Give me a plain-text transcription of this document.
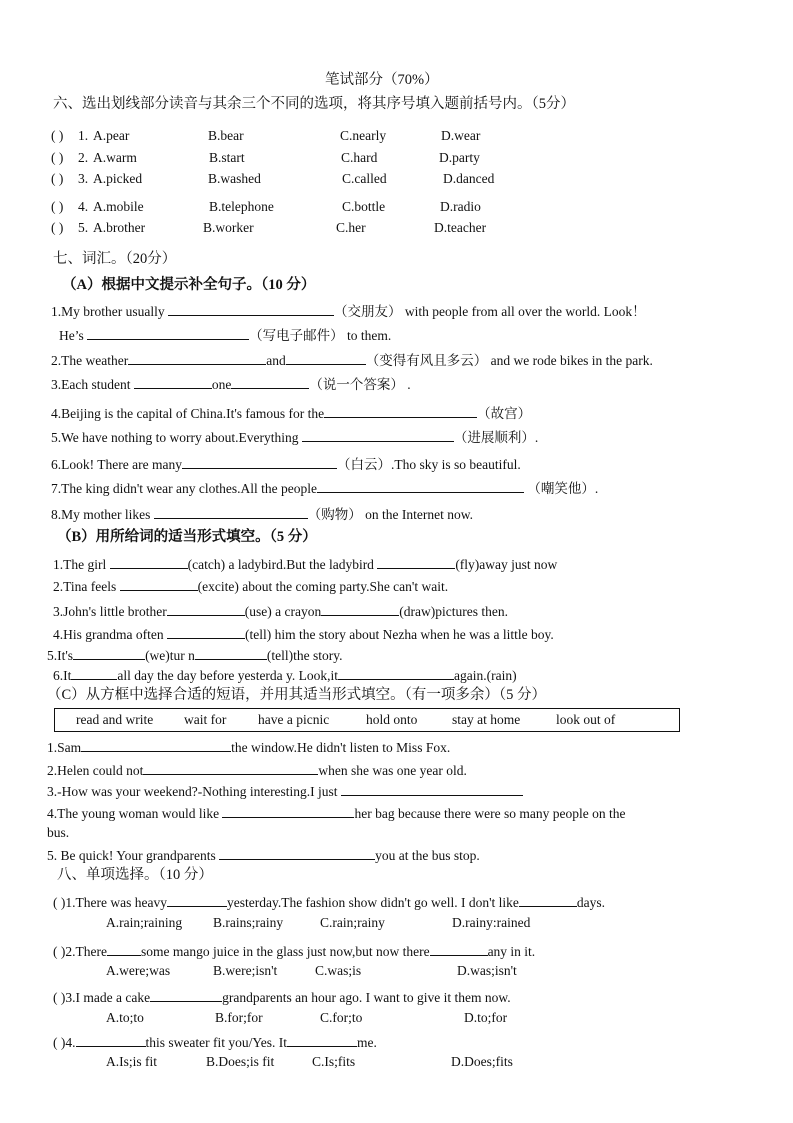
笔试部分（70%）
六、选出划线部分读音与其余三个不同的选项，将其序号填入题前括号内。（5分）
( ) 1. A.pear	B.bear	C.nearly	D.wear
( ) 2. A.warm	B.start	C.hard	D.party
( ) 3. A.picked	B.washed	C.called	D.danced
( ) 4. A.mobile	B.telephone	C.bottle	D.radio
( ) 5. A.brother	B.worker	C.her	D.teacher
七、词汇。（20分）
（A）根据中文提示补全句子。（10 分）
1.My brother usually	（交朋友） with people from all over the world. Look！
He’s	（写电子邮件） to them.
2.The weather	and	（变得有风且多云） and we rode bikes in the park.
3.Each student	one	（说一个答案） .
4.Beijing is the capital of China.It's famous for the	（故宫）
5.We have nothing to worry about.Everything	（进展顺利）.
6.Look! There are many	（白云）.Tho sky is so beautiful.
7.The king didn't wear any clothes.All the people	（嘲笑他）.
8.My mother likes	（购物） on the Internet now.
（B）用所给词的适当形式填空。（5 分）
1.The girl	(catch) a ladybird.But the ladybird	(fly)away just now
2.Tina feels	(excite) about the coming party.She can't wait.
3.John's little brother	(use) a crayon	(draw)pictures then.
4.His grandma often	(tell) him the story about Nezha when he was a little boy.
5.It's	(we)tur n	(tell)the story.
6.It	all day the day before yesterda y. Look,it	again.(rain)
（C）从方框中选择合适的短语，并用其适当形式填空。（有一项多余）（5 分）
read and write wait for have a picnic	hold onto	stay at home	look out of
1.Sam	the window.He didn't listen to Miss Fox.
2.Helen could not	when she was one year old.
3.-How was your weekend?-Nothing interesting.I just
4.The young woman would like	her bag because there were so many people on the
bus.
5. Be quick! Your grandparents	you at the bus stop.
八、单项选择。（10 分）
( )1.There was heavy	yesterday.The fashion show didn't go well. I don't like	days.
A.rain;raining B.rains;rainy	C.rain;rainy	D.rainy:rained
( )2.There	some mango juice in the glass just now,but now there	any in it.
A.were;was	B.were;isn't	C.was;is	D.was;isn't
( )3.I made a cake	grandparents an hour ago. I want to give it them now.
A.to;to	B.for;for	C.for;to	D.to;for
( )4.	this sweater fit you/Yes. It	me.
A.Is;is fit	B.Does;is fit	C.Is;fits	D.Does;fits
